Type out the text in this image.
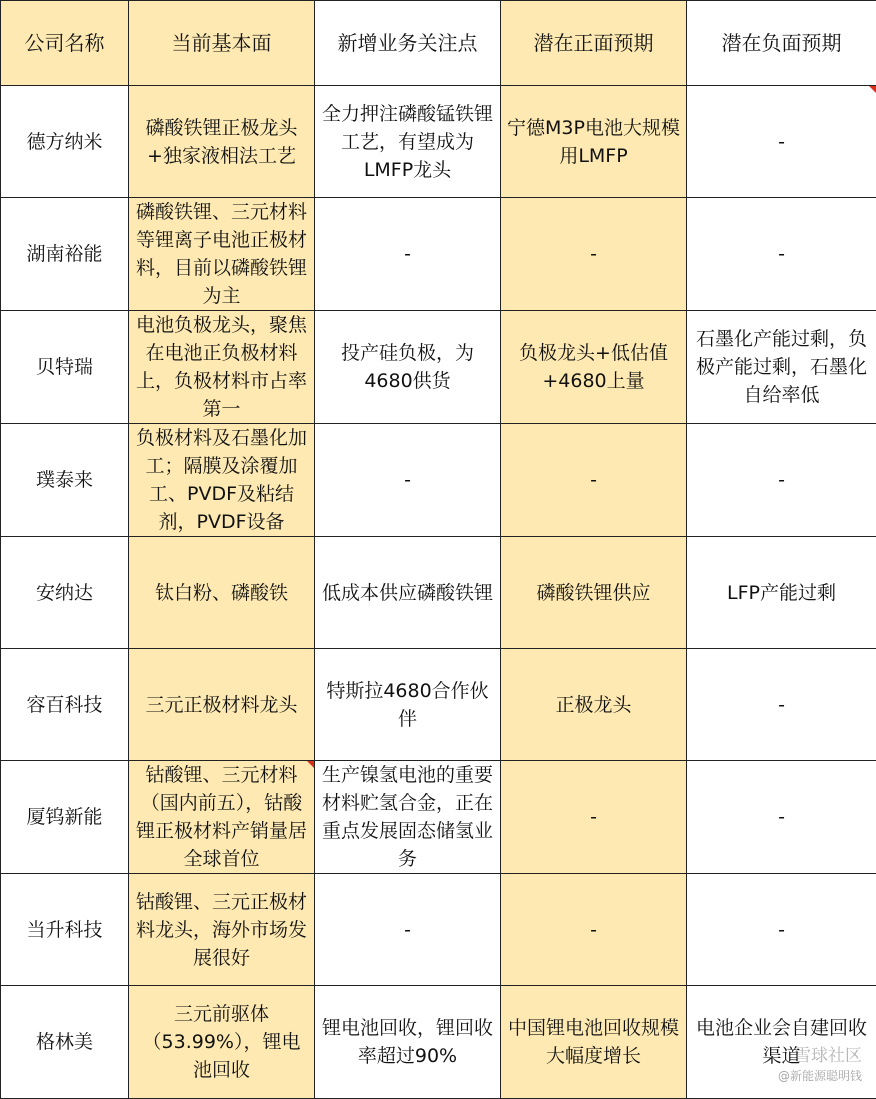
公司名称	当前基本面	新增业务关注点	潜在正面预期	潜在负面预期
德方纳米	磷酸铁锂正极龙头+独家液相法工艺	全力押注磷酸锰铁锂工艺，有望成为LMFP龙头	宁德M3P电池大规模用LMFP	-
湖南裕能	磷酸铁锂、三元材料等锂离子电池正极材料，目前以磷酸铁锂为主	-	-	-
贝特瑞	电池负极龙头，聚焦在电池正负极材料上，负极材料市占率第一	投产硅负极，为4680供货	负极龙头+低估值+4680上量	石墨化产能过剩，负极产能过剩，石墨化自给率低
璞泰来	负极材料及石墨化加工；隔膜及涂覆加工、PVDF及粘结剂，PVDF设备	-	-	-
安纳达	钛白粉、磷酸铁	低成本供应磷酸铁锂	磷酸铁锂供应	LFP产能过剩
容百科技	三元正极材料龙头	特斯拉4680合作伙伴	正极龙头	-
厦钨新能	钴酸锂、三元材料（国内前五），钴酸锂正极材料产销量居全球首位	生产镍氢电池的重要材料贮氢合金，正在重点发展固态储氢业务	-	-
当升科技	钴酸锂、三元正极材料龙头，海外市场发展很好	-	-	-
格林美	三元前驱体（53.99%），锂电池回收	锂电池回收，锂回收率超过90%	中国锂电池回收规模大幅度增长	电池企业会自建回收渠道
雪球社区
@新能源聪明钱
